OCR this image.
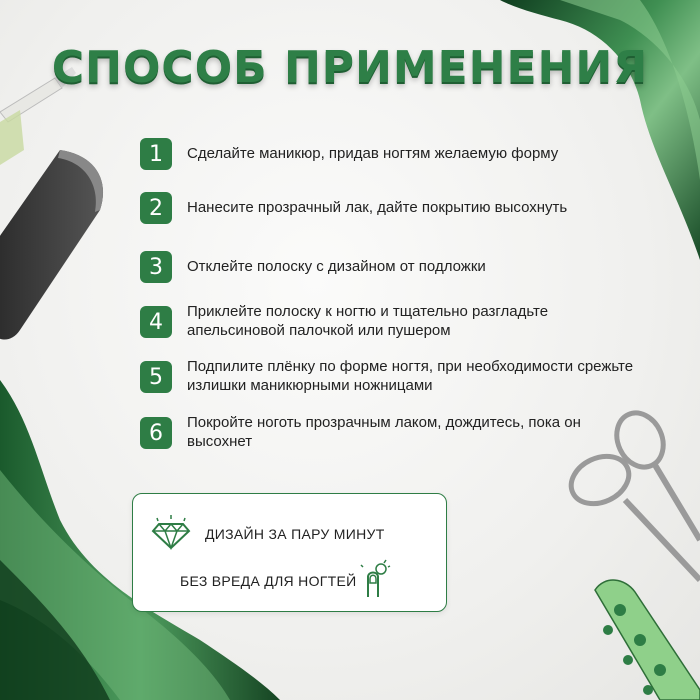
СПОСОБ ПРИМЕНЕНИЯ
1	Сделайте маникюр, придав ногтям желаемую форму
2	Нанесите прозрачный лак, дайте покрытию высохнуть
3	Отклейте полоску с дизайном от подложки
4	Приклейте полоску к ногтю и тщательно разгладьте апельсиновой палочкой или пушером
5	Подпилите плёнку по форме ногтя, при необходимости срежьте излишки маникюрными ножницами
6	Покройте ноготь прозрачным лаком, дождитесь, пока он высохнет
ДИЗАЙН ЗА ПАРУ МИНУТ
БЕЗ ВРЕДА ДЛЯ НОГТЕЙ
